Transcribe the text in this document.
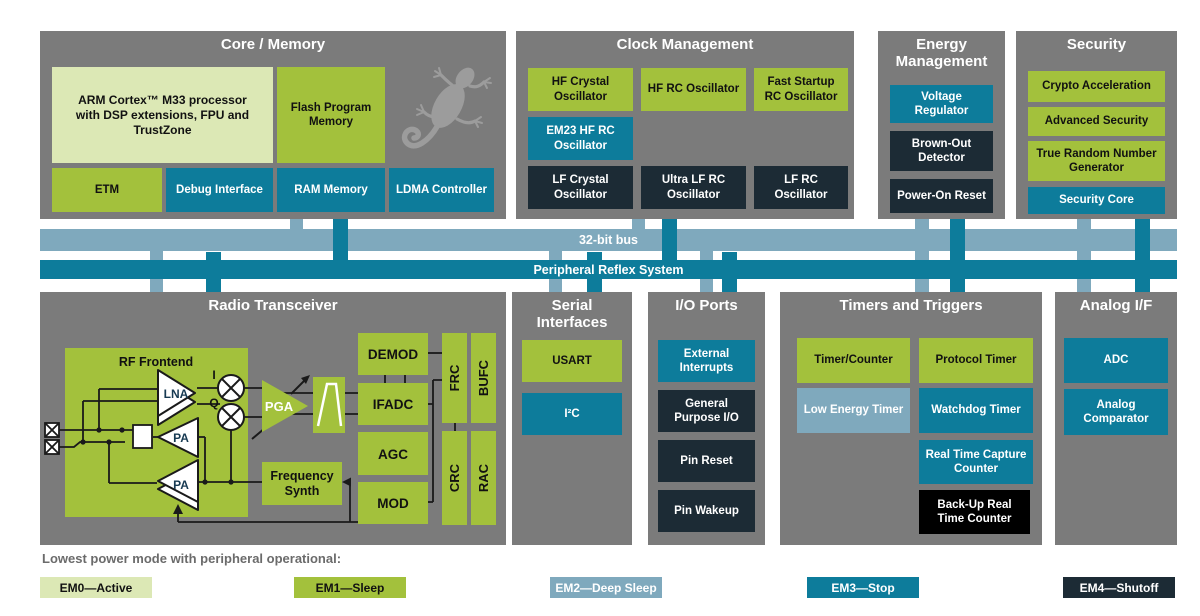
32-bit bus
Peripheral Reflex System
Core / Memory
ARM Cortex™ M33 processor with DSP extensions, FPU and TrustZone
Flash Program Memory
ETM	Debug Interface	RAM Memory	LDMA Controller
Clock Management
HF Crystal Oscillator
HF RC Oscillator
Fast Startup RC Oscillator
EM23 HF RC Oscillator
LF Crystal Oscillator
Ultra LF RC Oscillator
LF RC Oscillator
Energy Management
Voltage Regulator
Brown-Out Detector
Power-On Reset
Security
Crypto Acceleration
Advanced Security
True Random Number Generator
Security Core
Radio Transceiver
RF Frontend
LNA
I
Q
PA
PA
PGA
DEMOD
IFADC
AGC
MOD
FRC BUFC
CRC RAC
Frequency
Synth
Serial Interfaces
USART
I²C
I/O Ports
External Interrupts
General Purpose I/O
Pin Reset
Pin Wakeup
Timers and Triggers
Timer/Counter	Protocol Timer
Low Energy Timer	Watchdog Timer
Real Time Capture Counter
Back-Up Real Time Counter
Analog I/F
ADC
Analog Comparator
Lowest power mode with peripheral operational:
EM0—Active	EM1—Sleep	EM2—Deep Sleep	EM3—Stop	EM4—Shutoff
